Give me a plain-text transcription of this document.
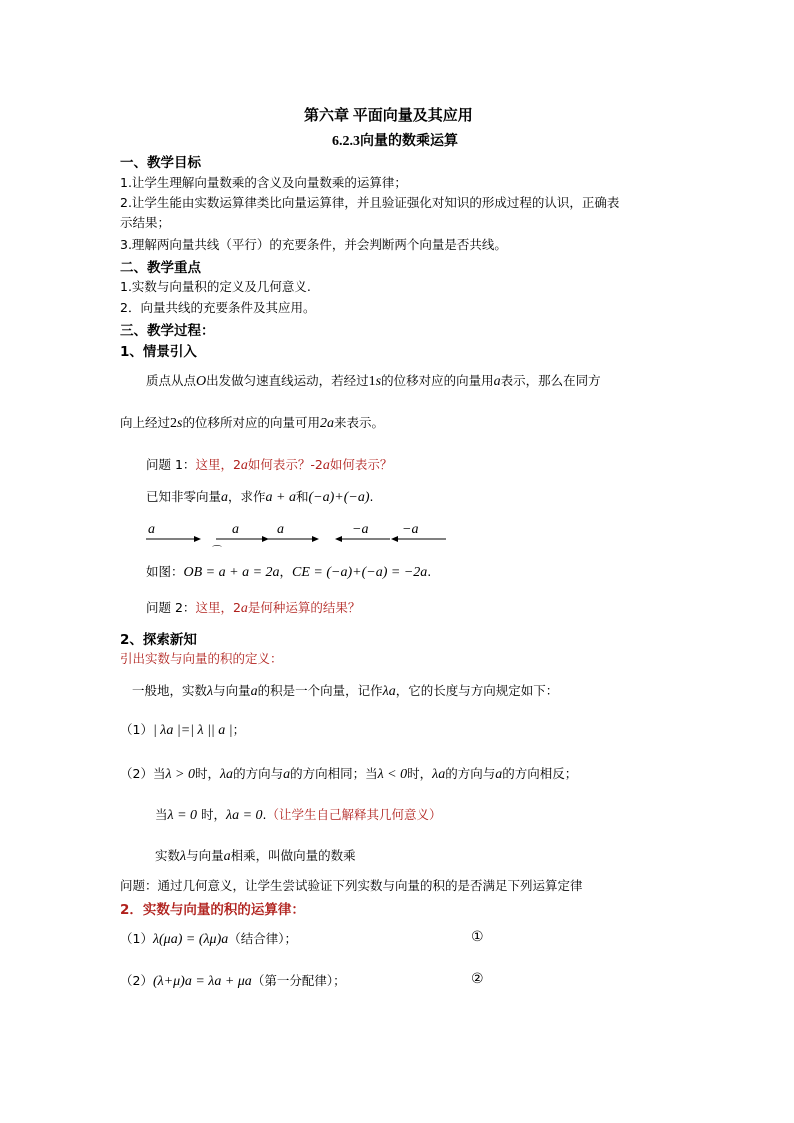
第六章 平面向量及其应用
6.2.3向量的数乘运算
一、教学目标
1.让学生理解向量数乘的含义及向量数乘的运算律；
2.让学生能由实数运算律类比向量运算律，并且验证强化对知识的形成过程的认识，正确表
示结果；
3.理解两向量共线（平行）的充要条件，并会判断两个向量是否共线。
二、教学重点
1.实数与向量积的定义及几何意义.
2．向量共线的充要条件及其应用。
三、教学过程：
1、情景引入
质点从点O出发做匀速直线运动，若经过1s的位移对应的向量用a表示，那么在同方
向上经过2s的位移所对应的向量可用2a来表示。
问题 1：这里，2a如何表示？-2a如何表示？
已知非零向量a，求作a + a和(−a)+(−a).
a	a	a
⌒
−a −a
如图：OB = a + a = 2a，CE = (−a)+(−a) = −2a.
问题 2：这里，2a是何种运算的结果？
2、探索新知
引出实数与向量的积的定义：
一般地，实数λ与向量a的积是一个向量，记作λa，它的长度与方向规定如下：
（1）| λa |=| λ || a |；
（2）当λ > 0时，λa的方向与a的方向相同；当λ < 0时，λa的方向与a的方向相反；
当λ = 0 时，λa = 0.（让学生自己解释其几何意义）
实数λ与向量a相乘，叫做向量的数乘
问题：通过几何意义，让学生尝试验证下列实数与向量的积的是否满足下列运算定律
2．实数与向量的积的运算律：
（1）λ(μa) = (λμ)a（结合律）；	①
（2）(λ+μ)a = λa + μa（第一分配律）；	②
